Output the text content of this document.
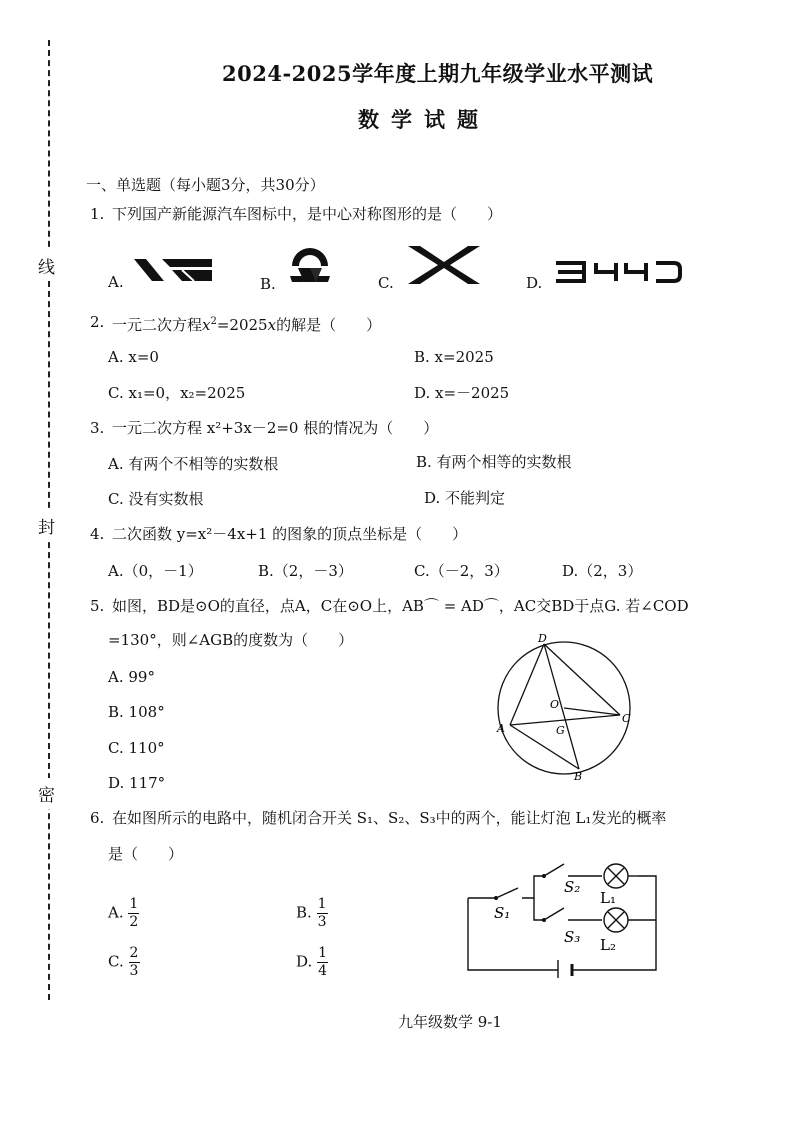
线
封
密
2024-2025学年度上期九年级学业水平测试
数学试题
一、单选题（每小题3分，共30分）
1. 下列国产新能源汽车图标中，是中心对称图形的是（　　）
A.	B.	C.	D.
2. 一元二次方程$x^2=2025x$的解是（　　）
A. x=0	B. x=2025
C. x₁=0，x₂=2025	D. x=－2025
3. 一元二次方程 x²+3x－2=0 根的情况为（　　）
A. 有两个不相等的实数根	B. 有两个相等的实数根
C. 没有实数根	D. 不能判定
4. 二次函数 y=x²－4x+1 的图象的顶点坐标是（　　）
A.（0，－1）	B.（2，－3）	C.（－2，3）	D.（2，3）
5. 如图，BD是⊙O的直径，点A，C在⊙O上，AB⌒ = AD⌒，AC交BD于点G. 若∠COD
=130°，则∠AGB的度数为（　　）
A. 99°
B. 108°
C. 110°
D. 117°
D
O
A
C
G
B
6. 在如图所示的电路中，随机闭合开关 S₁、S₂、S₃中的两个，能让灯泡 L₁发光的概率
是（　　）
A. $\frac{1}{2}$	B. $\frac{1}{3}$
C. $\frac{2}{3}$	D. $\frac{1}{4}$
S₁
S₂
S₃
L₁
L₂
九年级数学 9-1
